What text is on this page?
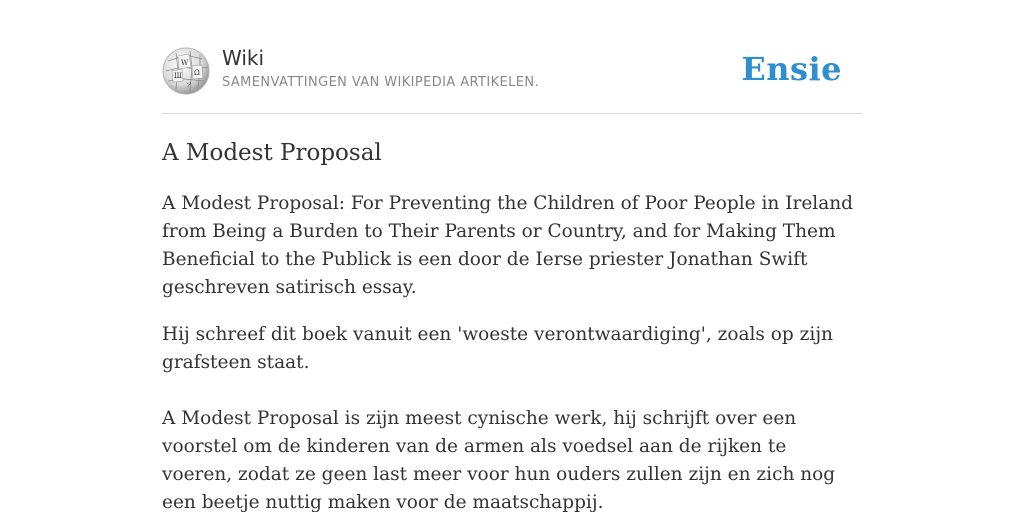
W
Ω
Ш
ア
Wiki
SAMENVATTINGEN VAN WIKIPEDIA ARTIKELEN.	Ensie
A Modest Proposal

A Modest Proposal: For Preventing the Children of Poor People in Ireland from Being a Burden to Their Parents or Country, and for Making Them Beneficial to the Publick is een door de Ierse priester Jonathan Swift geschreven satirisch essay.

Hij schreef dit boek vanuit een 'woeste verontwaardiging', zoals op zijn grafsteen staat.

A Modest Proposal is zijn meest cynische werk, hij schrijft over een voorstel om de kinderen van de armen als voedsel aan de rijken te voeren, zodat ze geen last meer voor hun ouders zullen zijn en zich nog een beetje nuttig maken voor de maatschappij.
